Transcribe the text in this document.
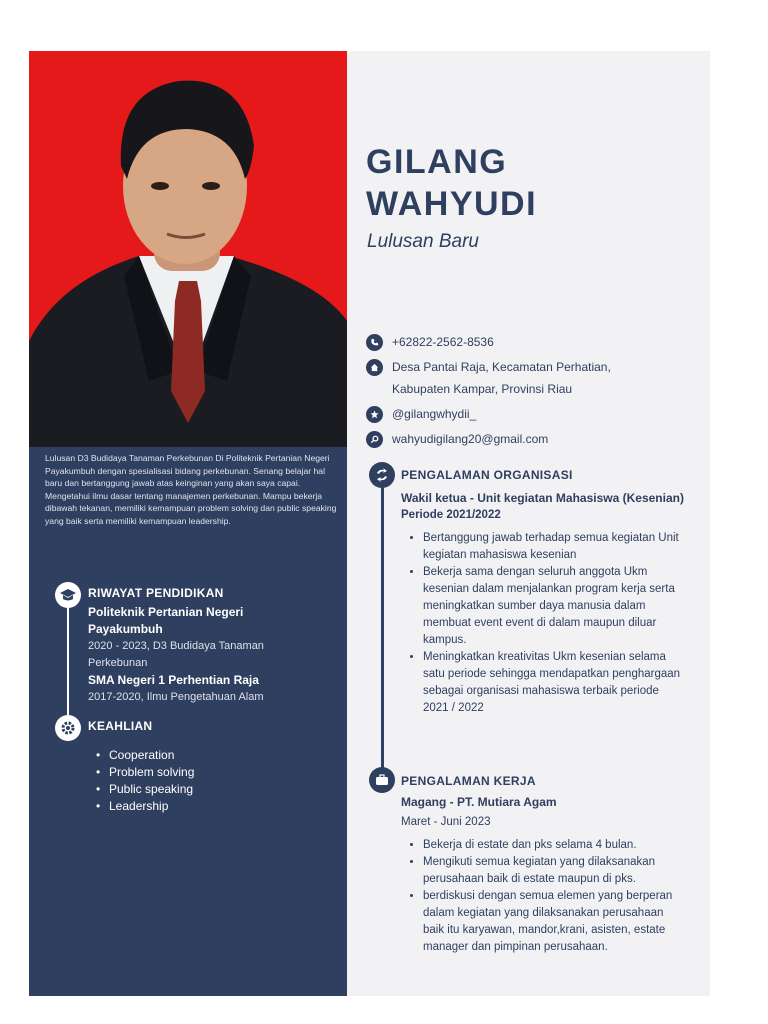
Lulusan D3 Budidaya Tanaman Perkebunan Di Politeknik Pertanian Negeri Payakumbuh dengan spesialisasi bidang perkebunan. Senang belajar hal baru dan bertanggung jawab atas keinginan yang akan saya capai. Mengetahui ilmu dasar tentang manajemen perkebunan. Mampu bekerja dibawah tekanan, memiliki kemampuan problem solving dan public speaking yang baik serta memiliki kemampuan leadership.

RIWAYAT PENDIDIKAN
Politeknik Pertanian Negeri Payakumbuh
2020 - 2023, D3 Budidaya Tanaman Perkebunan
SMA Negeri 1 Perhentian Raja
2017-2020, Ilmu Pengetahuan Alam
KEAHLIAN
• Cooperation
• Problem solving
• Public speaking
• Leadership
GILANG
WAHYUDI
Lulusan Baru
+62822-2562-8536
Desa Pantai Raja, Kecamatan Perhatian, Kabupaten Kampar, Provinsi Riau
@gilangwhydii_
wahyudigilang20@gmail.com
PENGALAMAN ORGANISASI
Wakil ketua - Unit kegiatan Mahasiswa (Kesenian)
Periode 2021/2022
• Bertanggung jawab terhadap semua kegiatan Unit kegiatan mahasiswa kesenian
• Bekerja sama dengan seluruh anggota Ukm kesenian dalam menjalankan program kerja serta meningkatkan sumber daya manusia dalam membuat event event di dalam maupun diluar kampus.
• Meningkatkan kreativitas Ukm kesenian selama satu periode sehingga mendapatkan penghargaan sebagai organisasi mahasiswa terbaik periode 2021 / 2022
PENGALAMAN KERJA
Magang - PT. Mutiara Agam
Maret - Juni 2023
• Bekerja di estate dan pks selama 4 bulan.
• Mengikuti semua kegiatan yang dilaksanakan perusahaan baik di estate maupun di pks.
• berdiskusi dengan semua elemen yang berperan dalam kegiatan yang dilaksanakan perusahaan baik itu karyawan, mandor,krani, asisten, estate manager dan pimpinan perusahaan.
